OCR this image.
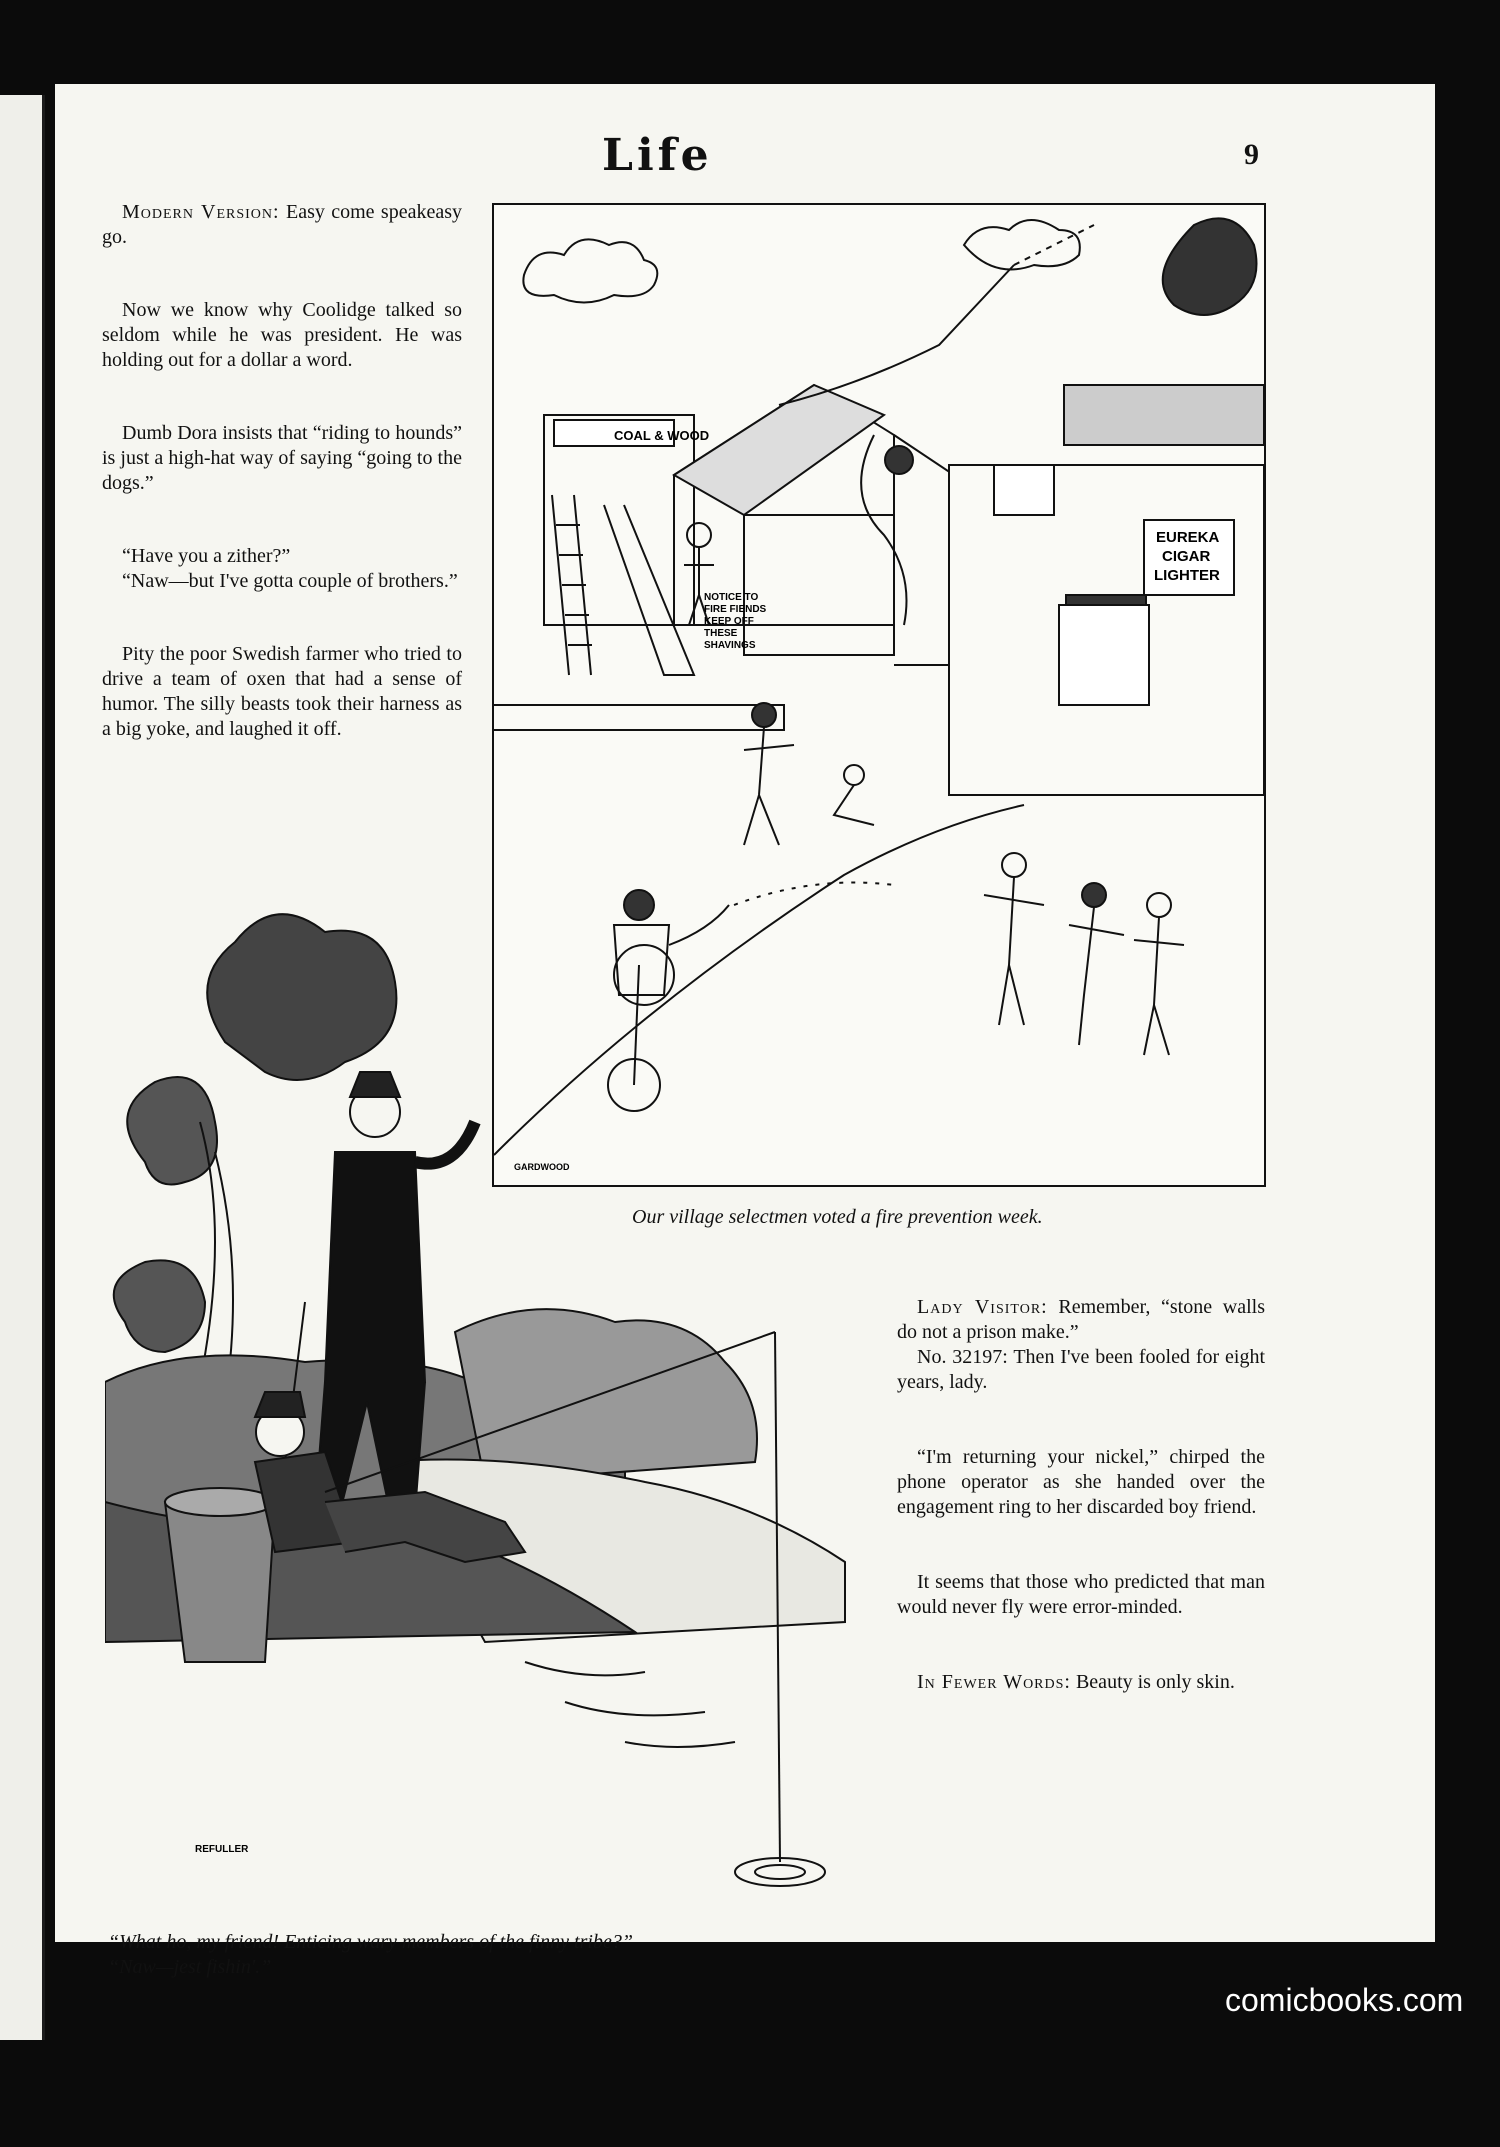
Life	9

Modern Version: Easy come speakeasy go.

Now we know why Coolidge talked so seldom while he was president. He was holding out for a dollar a word.

Dumb Dora insists that “riding to hounds” is just a high-hat way of saying “going to the dogs.”

“Have you a zither?”

“Naw—but I've gotta couple of brothers.”

Pity the poor Swedish farmer who tried to drive a team of oxen that had a sense of humor. The silly beasts took their harness as a big yoke, and laughed it off.

COAL & WOOD
NOTICE TO
FIRE FIENDS
KEEP OFF
THESE
SHAVINGS
EUREKA
CIGAR
LIGHTER
GARDWOOD
Our village selectmen voted a fire prevention week.
REFULLER
“What ho, my friend! Enticing wary members of the finny tribe?”
“Naw—jest fishin'.”

Lady Visitor: Remember, “stone walls do not a prison make.”

No. 32197: Then I've been fooled for eight years, lady.

“I'm returning your nickel,” chirped the phone operator as she handed over the engagement ring to her discarded boy friend.

It seems that those who predicted that man would never fly were error-minded.

In Fewer Words: Beauty is only skin.

comicbooks.com
